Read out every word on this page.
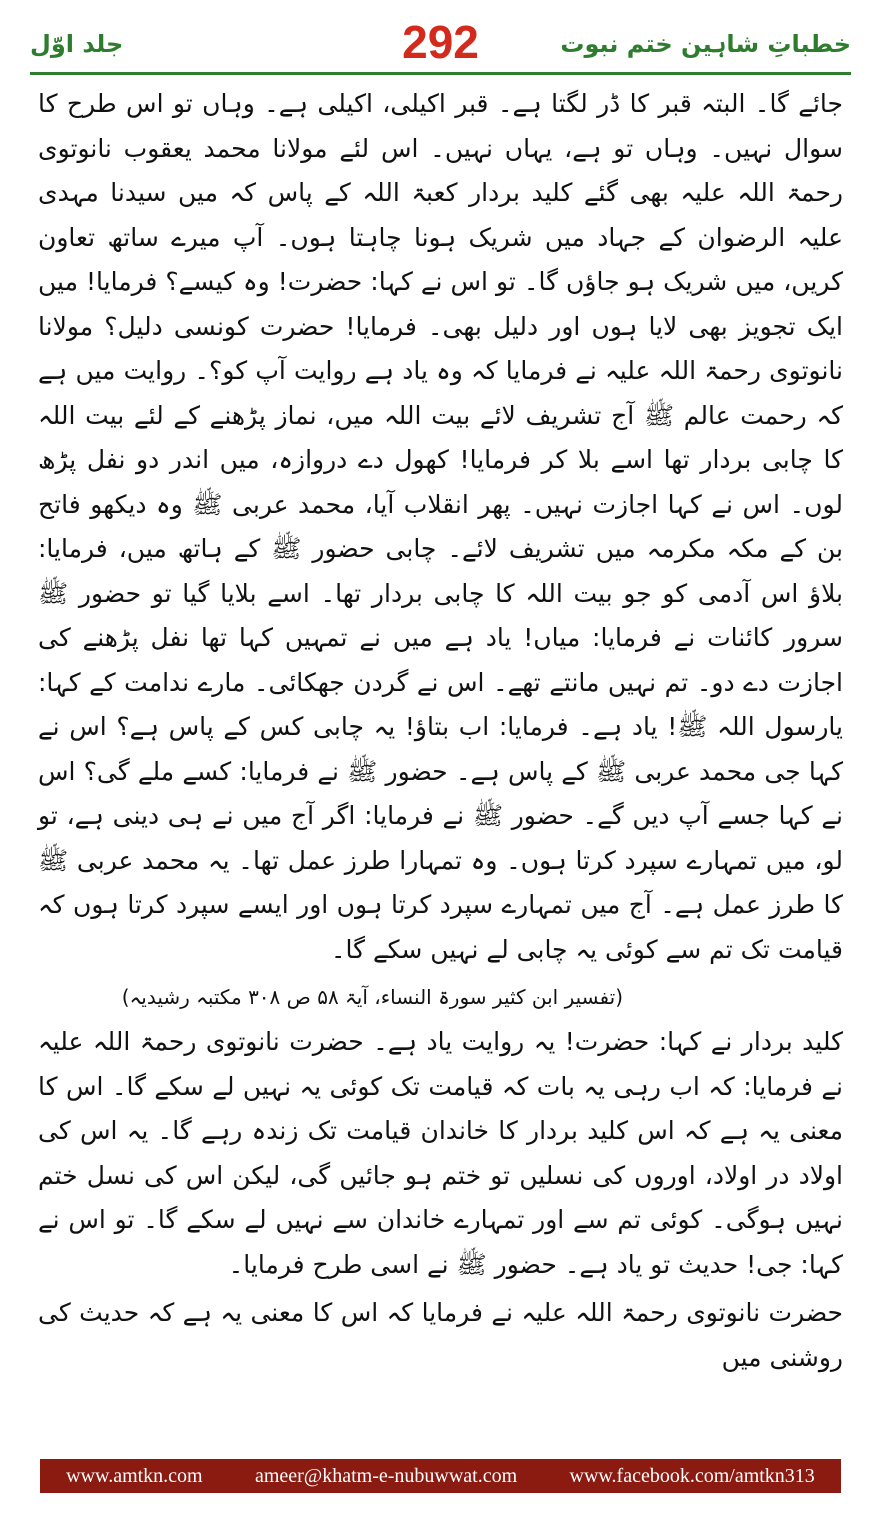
جلد اوّل	292	خطباتِ شاہین ختم نبوت

جائے گا۔ البتہ قبر کا ڈر لگتا ہے۔ قبر اکیلی، اکیلی ہے۔ وہاں تو اس طرح کا سوال نہیں۔ وہاں تو ہے، یہاں نہیں۔ اس لئے مولانا محمد یعقوب نانوتوی رحمۃ اللہ علیہ بھی گئے کلید بردار کعبۃ اللہ کے پاس کہ میں سیدنا مہدی علیہ الرضوان کے جہاد میں شریک ہونا چاہتا ہوں۔ آپ میرے ساتھ تعاون کریں، میں شریک ہو جاؤں گا۔ تو اس نے کہا: حضرت! وہ کیسے؟ فرمایا! میں ایک تجویز بھی لایا ہوں اور دلیل بھی۔ فرمایا! حضرت کونسی دلیل؟ مولانا نانوتوی رحمۃ اللہ علیہ نے فرمایا کہ وہ یاد ہے روایت آپ کو؟۔ روایت میں ہے کہ رحمت عالم ﷺ آج تشریف لائے بیت اللہ میں، نماز پڑھنے کے لئے بیت اللہ کا چابی بردار تھا اسے بلا کر فرمایا! کھول دے دروازہ، میں اندر دو نفل پڑھ لوں۔ اس نے کہا اجازت نہیں۔ پھر انقلاب آیا، محمد عربی ﷺ وہ دیکھو فاتح بن کے مکہ مکرمہ میں تشریف لائے۔ چابی حضور ﷺ کے ہاتھ میں، فرمایا: بلاؤ اس آدمی کو جو بیت اللہ کا چابی بردار تھا۔ اسے بلایا گیا تو حضور ﷺ سرور کائنات نے فرمایا: میاں! یاد ہے میں نے تمہیں کہا تھا نفل پڑھنے کی اجازت دے دو۔ تم نہیں مانتے تھے۔ اس نے گردن جھکائی۔ مارے ندامت کے کہا: یارسول اللہ ﷺ! یاد ہے۔ فرمایا: اب بتاؤ! یہ چابی کس کے پاس ہے؟ اس نے کہا جی محمد عربی ﷺ کے پاس ہے۔ حضور ﷺ نے فرمایا: کسے ملے گی؟ اس نے کہا جسے آپ دیں گے۔ حضور ﷺ نے فرمایا: اگر آج میں نے ہی دینی ہے، تو لو، میں تمہارے سپرد کرتا ہوں۔ وہ تمہارا طرز عمل تھا۔ یہ محمد عربی ﷺ کا طرز عمل ہے۔ آج میں تمہارے سپرد کرتا ہوں اور ایسے سپرد کرتا ہوں کہ قیامت تک تم سے کوئی یہ چابی لے نہیں سکے گا۔

(تفسیر ابن کثیر سورۃ النساء، آیۃ ۵۸ ص ۳۰۸ مکتبہ رشیدیہ)

کلید بردار نے کہا: حضرت! یہ روایت یاد ہے۔ حضرت نانوتوی رحمۃ اللہ علیہ نے فرمایا: کہ اب رہی یہ بات کہ قیامت تک کوئی یہ نہیں لے سکے گا۔ اس کا معنی یہ ہے کہ اس کلید بردار کا خاندان قیامت تک زندہ رہے گا۔ یہ اس کی اولاد در اولاد، اوروں کی نسلیں تو ختم ہو جائیں گی، لیکن اس کی نسل ختم نہیں ہوگی۔ کوئی تم سے اور تمہارے خاندان سے نہیں لے سکے گا۔ تو اس نے کہا: جی! حدیث تو یاد ہے۔ حضور ﷺ نے اسی طرح فرمایا۔

حضرت نانوتوی رحمۃ اللہ علیہ نے فرمایا کہ اس کا معنی یہ ہے کہ حدیث کی روشنی میں

www.amtkn.com	ameer@khatm-e-nubuwwat.com	www.facebook.com/amtkn313
